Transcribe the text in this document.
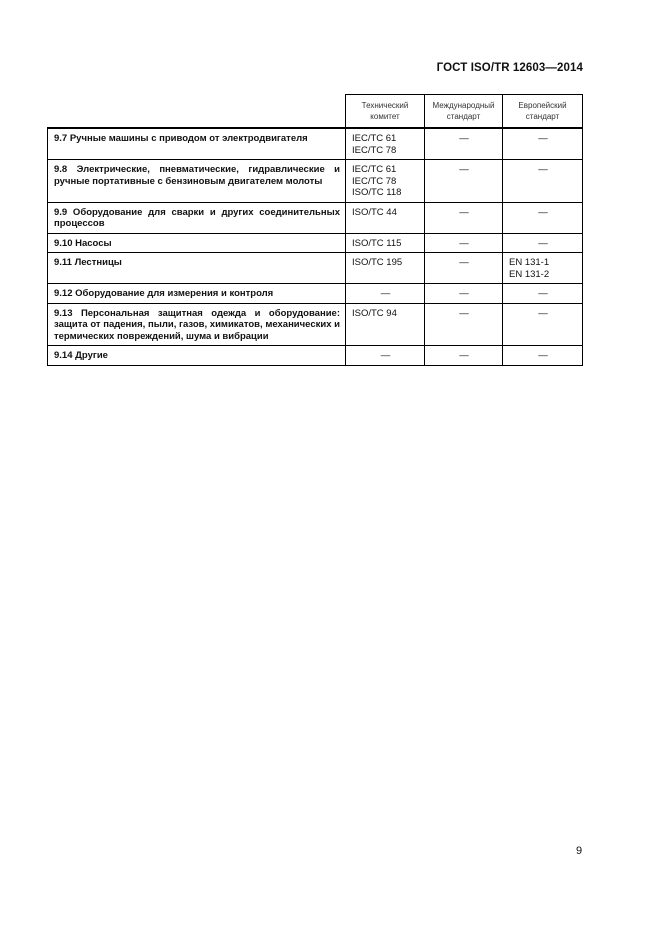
ГОСТ ISO/TR 12603—2014
	Технический комитет	Международный стандарт	Европейский стандарт
9.7 Ручные машины с приводом от электродвигателя	IEC/TC 61
IEC/TC 78	—	—

9.8 Электрические, пневматические, гидравлические и ручные портативные с бензиновым двигателем молоты	IEC/TC 61
IEC/TC 78
ISO/TC 118	—	—

9.9 Оборудование для сварки и других соединительных процессов	ISO/TC 44	—	—

9.10 Насосы	ISO/TC 115	—	—

9.11 Лестницы	ISO/TC 195	—	EN 131-1
EN 131-2

9.12 Оборудование для измерения и контроля	—	—	—

9.13 Персональная защитная одежда и оборудование: защита от падения, пыли, газов, химикатов, механических и термических повреждений, шума и вибрации	ISO/TC 94	—	—

9.14 Другие	—	—	—
9
